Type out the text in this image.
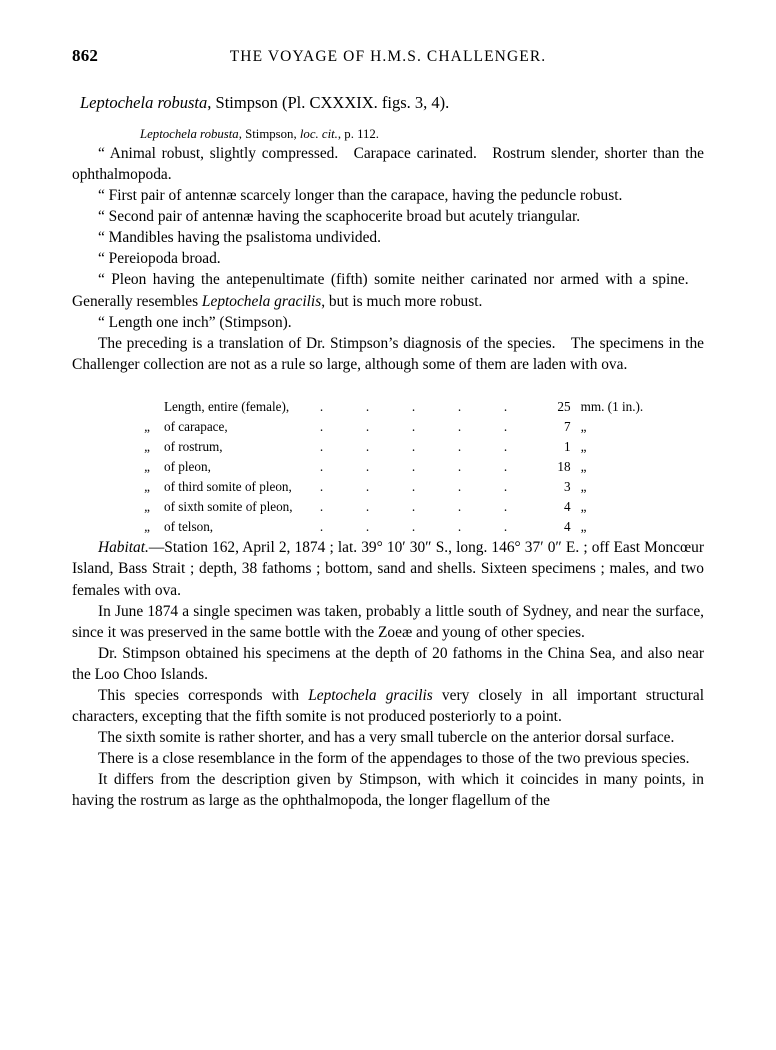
862	THE VOYAGE OF H.M.S. CHALLENGER.
Leptochela robusta, Stimpson (Pl. CXXXIX. figs. 3, 4).
Leptochela robusta, Stimpson, loc. cit., p. 112.

“ Animal robust, slightly compressed. Carapace carinated. Rostrum slender, shorter than the ophthalmopoda.

“ First pair of antennæ scarcely longer than the carapace, having the peduncle robust.

“ Second pair of antennæ having the scaphocerite broad but acutely triangular.

“ Mandibles having the psalistoma undivided.

“ Pereiopoda broad.

“ Pleon having the antepenultimate (fifth) somite neither carinated nor armed with a spine. Generally resembles Leptochela gracilis, but is much more robust.

“ Length one inch” (Stimpson).

The preceding is a translation of Dr. Stimpson’s diagnosis of the species. The specimens in the Challenger collection are not as a rule so large, although some of them are laden with ova.

	Length, entire (female),	. . . . .	25	mm. (1 in.).
„	of carapace,	. . . . .	7	„
„	of rostrum,	. . . . .	1	„
„	of pleon,	. . . . .	18	„
„	of third somite of pleon,	. . . . .	3	„
„	of sixth somite of pleon,	. . . . .	4	„
„	of telson,	. . . . .	4	„

Habitat.—Station 162, April 2, 1874 ; lat. 39° 10′ 30″ S., long. 146° 37′ 0″ E. ; off East Moncœur Island, Bass Strait ; depth, 38 fathoms ; bottom, sand and shells. Sixteen specimens ; males, and two females with ova.

In June 1874 a single specimen was taken, probably a little south of Sydney, and near the surface, since it was preserved in the same bottle with the Zoeæ and young of other species.

Dr. Stimpson obtained his specimens at the depth of 20 fathoms in the China Sea, and also near the Loo Choo Islands.

This species corresponds with Leptochela gracilis very closely in all important structural characters, excepting that the fifth somite is not produced posteriorly to a point.

The sixth somite is rather shorter, and has a very small tubercle on the anterior dorsal surface.

There is a close resemblance in the form of the appendages to those of the two previous species.

It differs from the description given by Stimpson, with which it coincides in many points, in having the rostrum as large as the ophthalmopoda, the longer flagellum of the
